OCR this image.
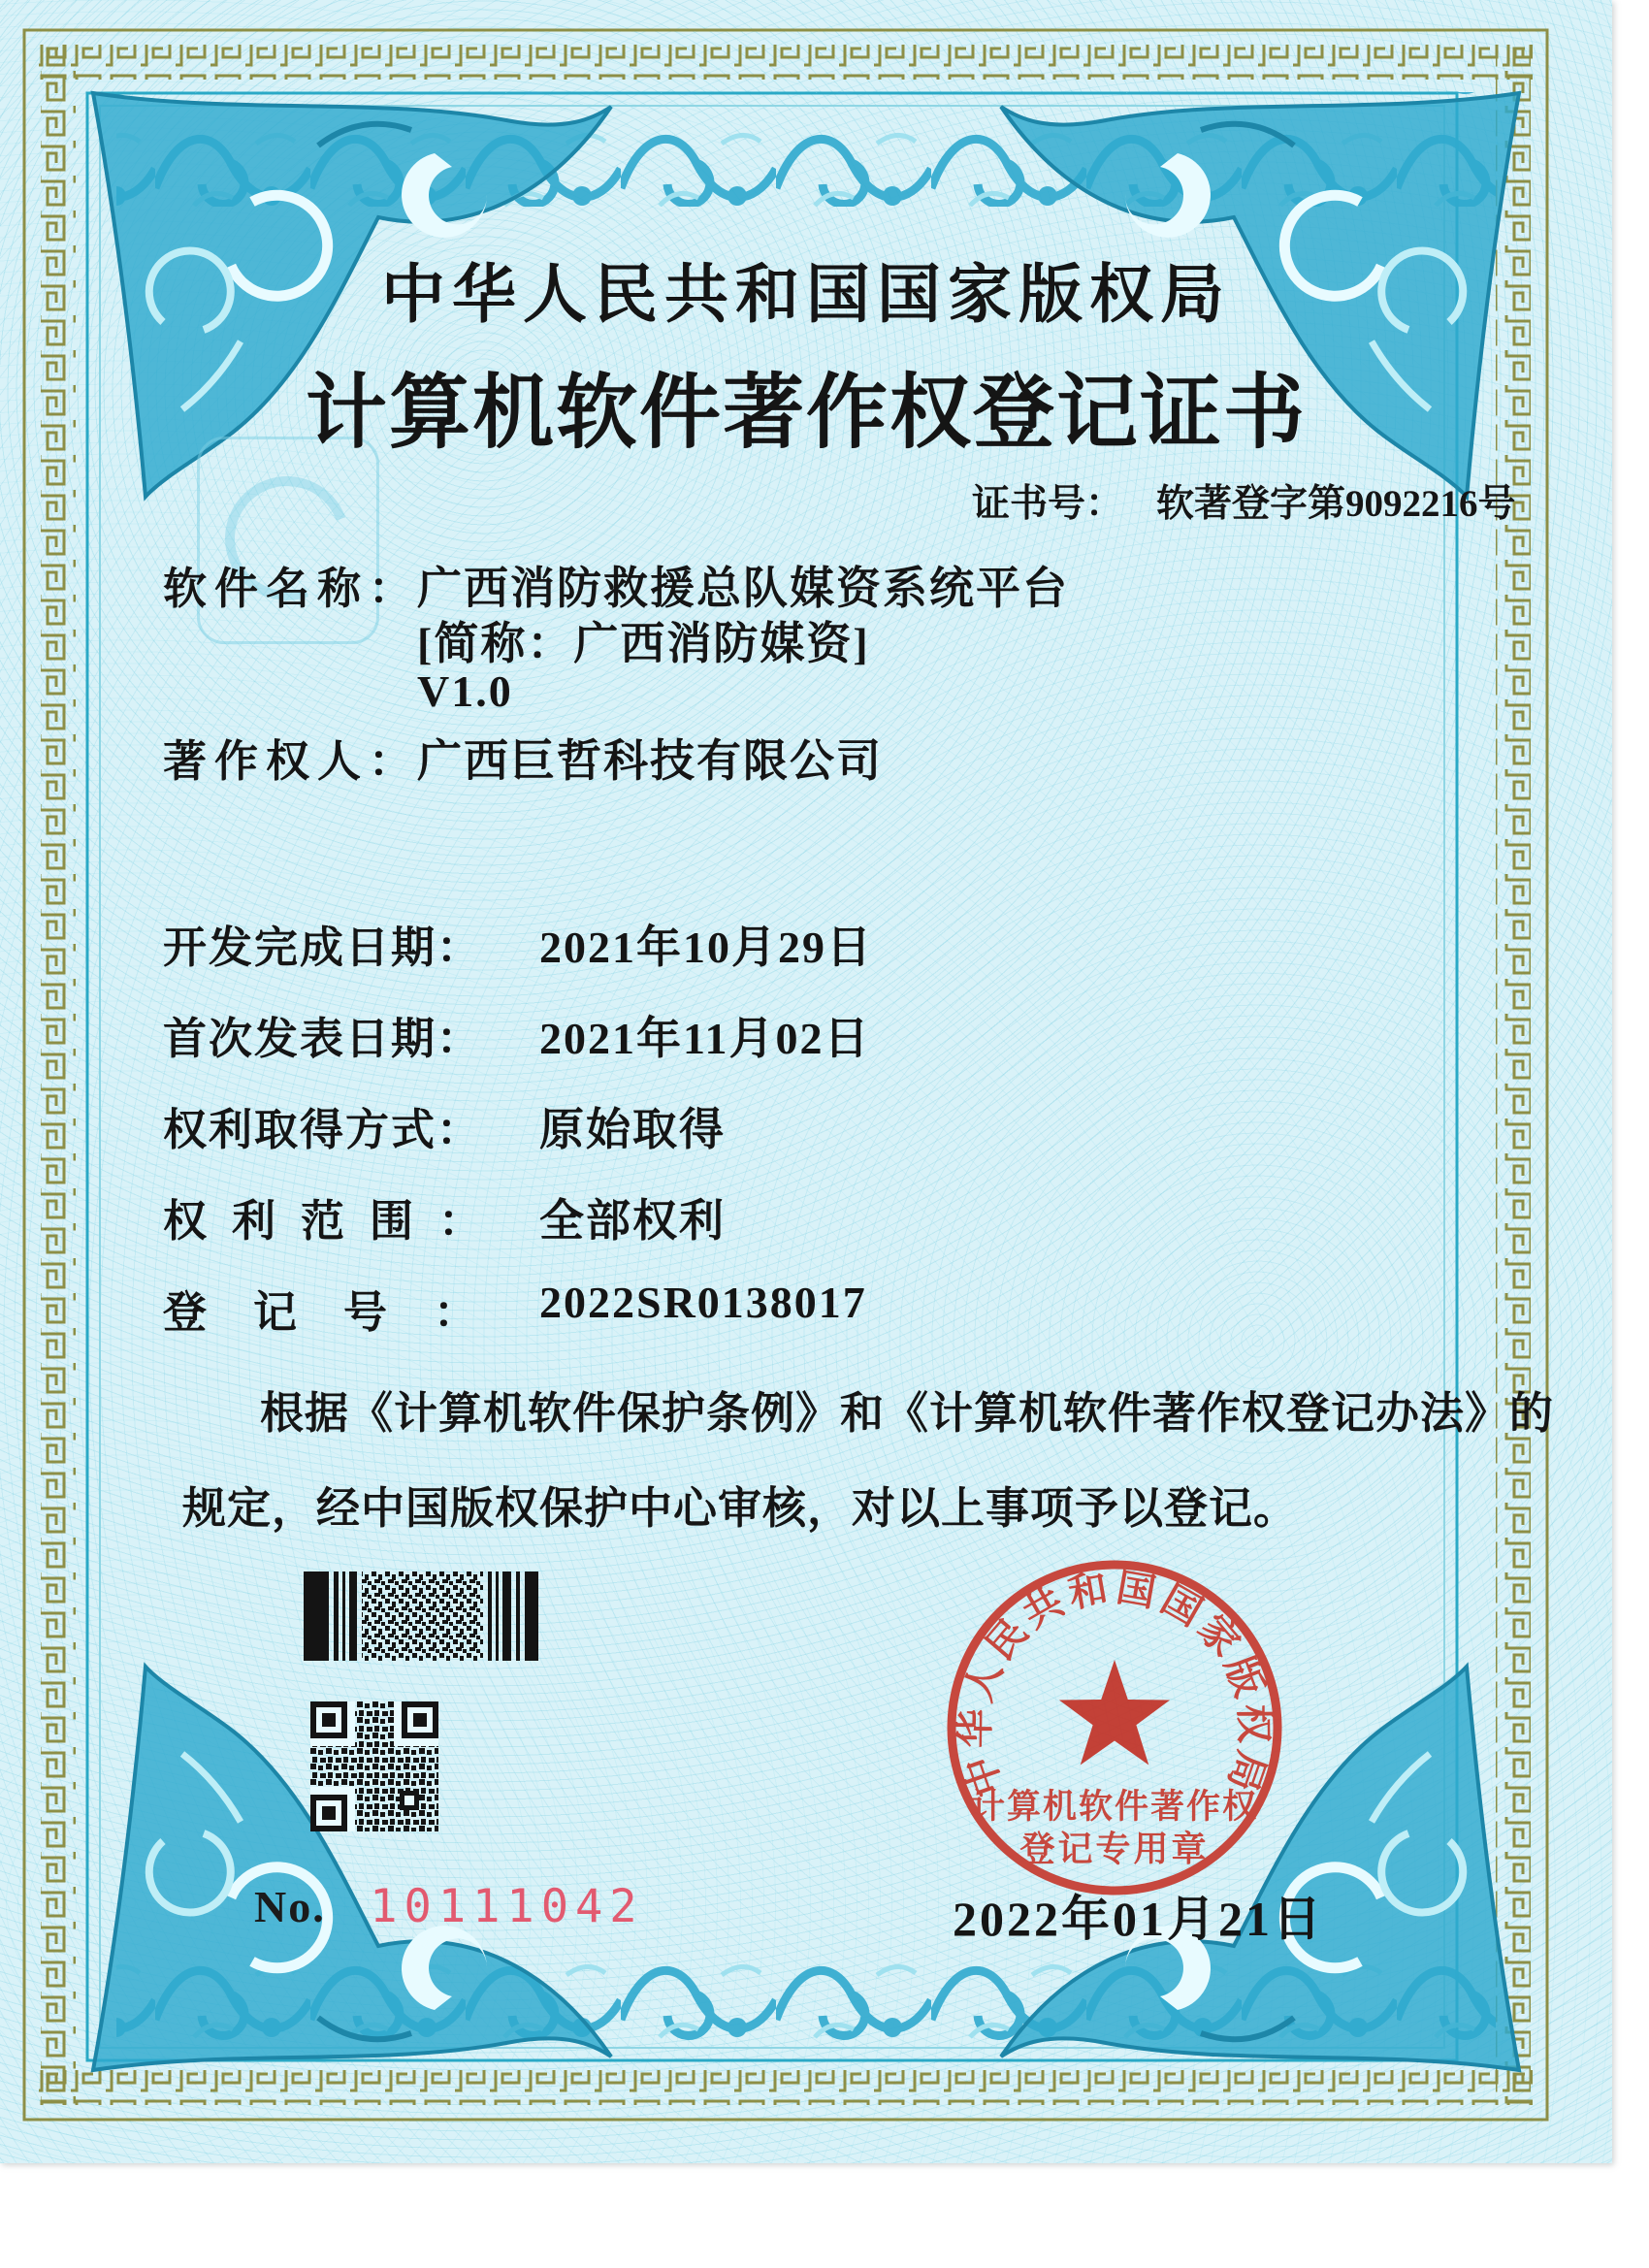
中华人民共和国国家版权局
计算机软件著作权登记证书
证书号： 软著登字第9092216号
软件名称：
广西消防救援总队媒资系统平台
[简称：广西消防媒资]
V1.0
著作权人：
广西巨哲科技有限公司
开发完成日期： 2021年10月29日
首次发表日期： 2021年11月02日
权利取得方式： 原始取得
权利范围： 全部权利
登记号： 2022SR0138017
根据《计算机软件保护条例》和《计算机软件著作权登记办法》的
规定，经中国版权保护中心审核，对以上事项予以登记。
No. 10111042	2022年01月21日
中华人民共和国国家版权局
计算机软件著作权
登记专用章
